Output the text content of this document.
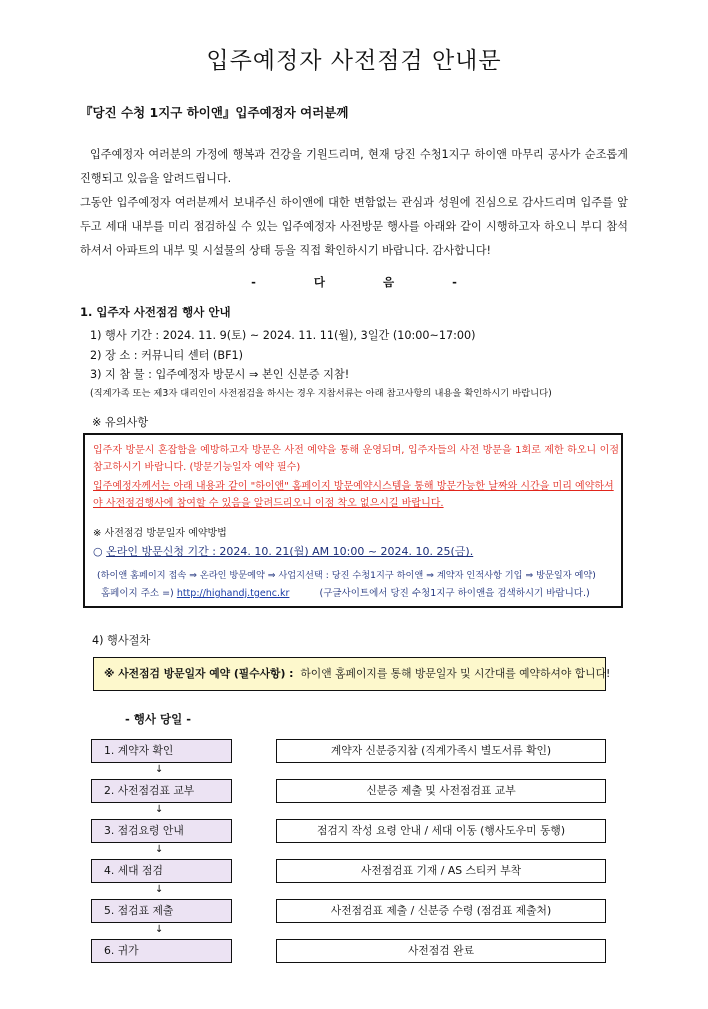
입주예정자 사전점검 안내문
『당진 수청 1지구 하이앤』입주예정자 여러분께

입주예정자 여러분의 가정에 행복과 건강을 기원드리며, 현재 당진 수청1지구 하이앤 마무리 공사가 순조롭게 진행되고 있음을 알려드립니다.

그동안 입주예정자 여러분께서 보내주신 하이앤에 대한 변함없는 관심과 성원에 진심으로 감사드리며 입주를 앞두고 세대 내부를 미리 점검하실 수 있는 입주예정자 사전방문 행사를 아래와 같이 시행하고자 하오니 부디 참석하셔서 아파트의 내부 및 시설물의 상태 등을 직접 확인하시기 바랍니다. 감사합니다!

- 다 음 -
1. 입주자 사전점검 행사 안내
1) 행사 기간 : 2024. 11. 9(토) ~ 2024. 11. 11(월), 3일간 (10:00~17:00)
2) 장 소 : 커뮤니티 센터 (BF1)
3) 지 참 물 : 입주예정자 방문시 ⇒ 본인 신분증 지참!
(직계가족 또는 제3자 대리인이 사전점검을 하시는 경우 지참서류는 아래 참고사항의 내용을 확인하시기 바랍니다)
※ 유의사항
입주자 방문시 혼잡함을 예방하고자 방문은 사전 예약을 통해 운영되며, 입주자들의 사전 방문을 1회로 제한 하오니 이점 참고하시기 바랍니다. (방문기능일자 예약 필수)
입주예정자께서는 아래 내용과 같이 "하이앤" 홈페이지 방문예약시스템을 통해 방문가능한 날짜와 시간을 미리 예약하셔야 사전점검행사에 참여할 수 있음을 알려드리오니 이점 착오 없으시길 바랍니다.
※ 사전점검 방문일자 예약방법
○ 온라인 방문신청 기간 : 2024. 10. 21(월) AM 10:00 ~ 2024. 10. 25(금).
(하이앤 홈페이지 접속 ⇒ 온라인 방문예약 ⇒ 사업지선택 : 당진 수청1지구 하이앤 ⇒ 계약자 인적사항 기입 ⇒ 방문일자 예약)
홈페이지 주소 =) http://highandj.tgenc.kr	(구글사이트에서 당진 수청1지구 하이앤을 검색하시기 바랍니다.)
4) 행사절차
※ 사전점검 방문일자 예약 (필수사항) : 하이앤 홈페이지를 통해 방문일자 및 시간대를 예약하셔야 합니다!
- 행사 당일 -
1. 계약자 확인	계약자 신분증지참 (직계가족시 별도서류 확인)
↓
2. 사전점검표 교부	신분증 제출 및 사전점검표 교부
↓
3. 점검요령 안내	점검지 작성 요령 안내 / 세대 이동 (행사도우미 동행)
↓
4. 세대 점검	사전점검표 기재 / AS 스티커 부착
↓
5. 점검표 제출	사전점검표 제출 / 신분증 수령 (점검표 제출처)
↓
6. 귀가	사전점검 완료
